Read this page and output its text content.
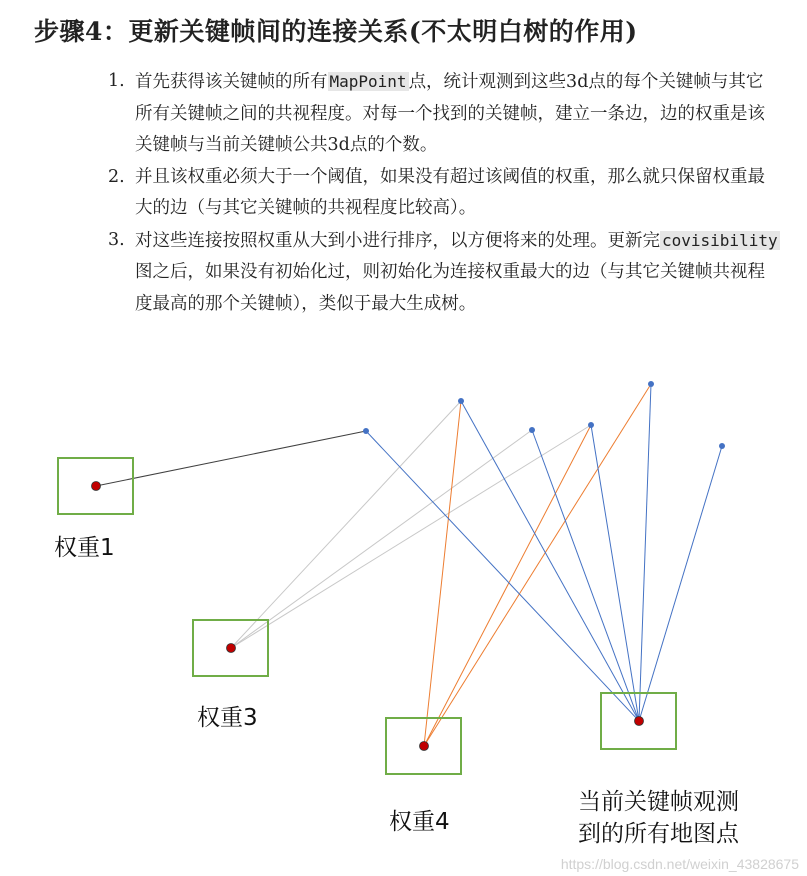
步骤4：更新关键帧间的连接关系(不太明白树的作用)
1. 首先获得该关键帧的所有 MapPoint 点，统计观测到这些3d点的每个关键帧与其它所有关键帧之间的共视程度。对每一个找到的关键帧，建立一条边，边的权重是该关键帧与当前关键帧公共3d点的个数。
2. 并且该权重必须大于一个阈值，如果没有超过该阈值的权重，那么就只保留权重最大的边（与其它关键帧的共视程度比较高）。
3. 对这些连接按照权重从大到小进行排序，以方便将来的处理。更新完 covisibility图之后，如果没有初始化过，则初始化为连接权重最大的边（与其它关键帧共视程度最高的那个关键帧），类似于最大生成树。
权重1
权重3
权重4
当前关键帧观测
到的所有地图点
https://blog.csdn.net/weixin_43828675
